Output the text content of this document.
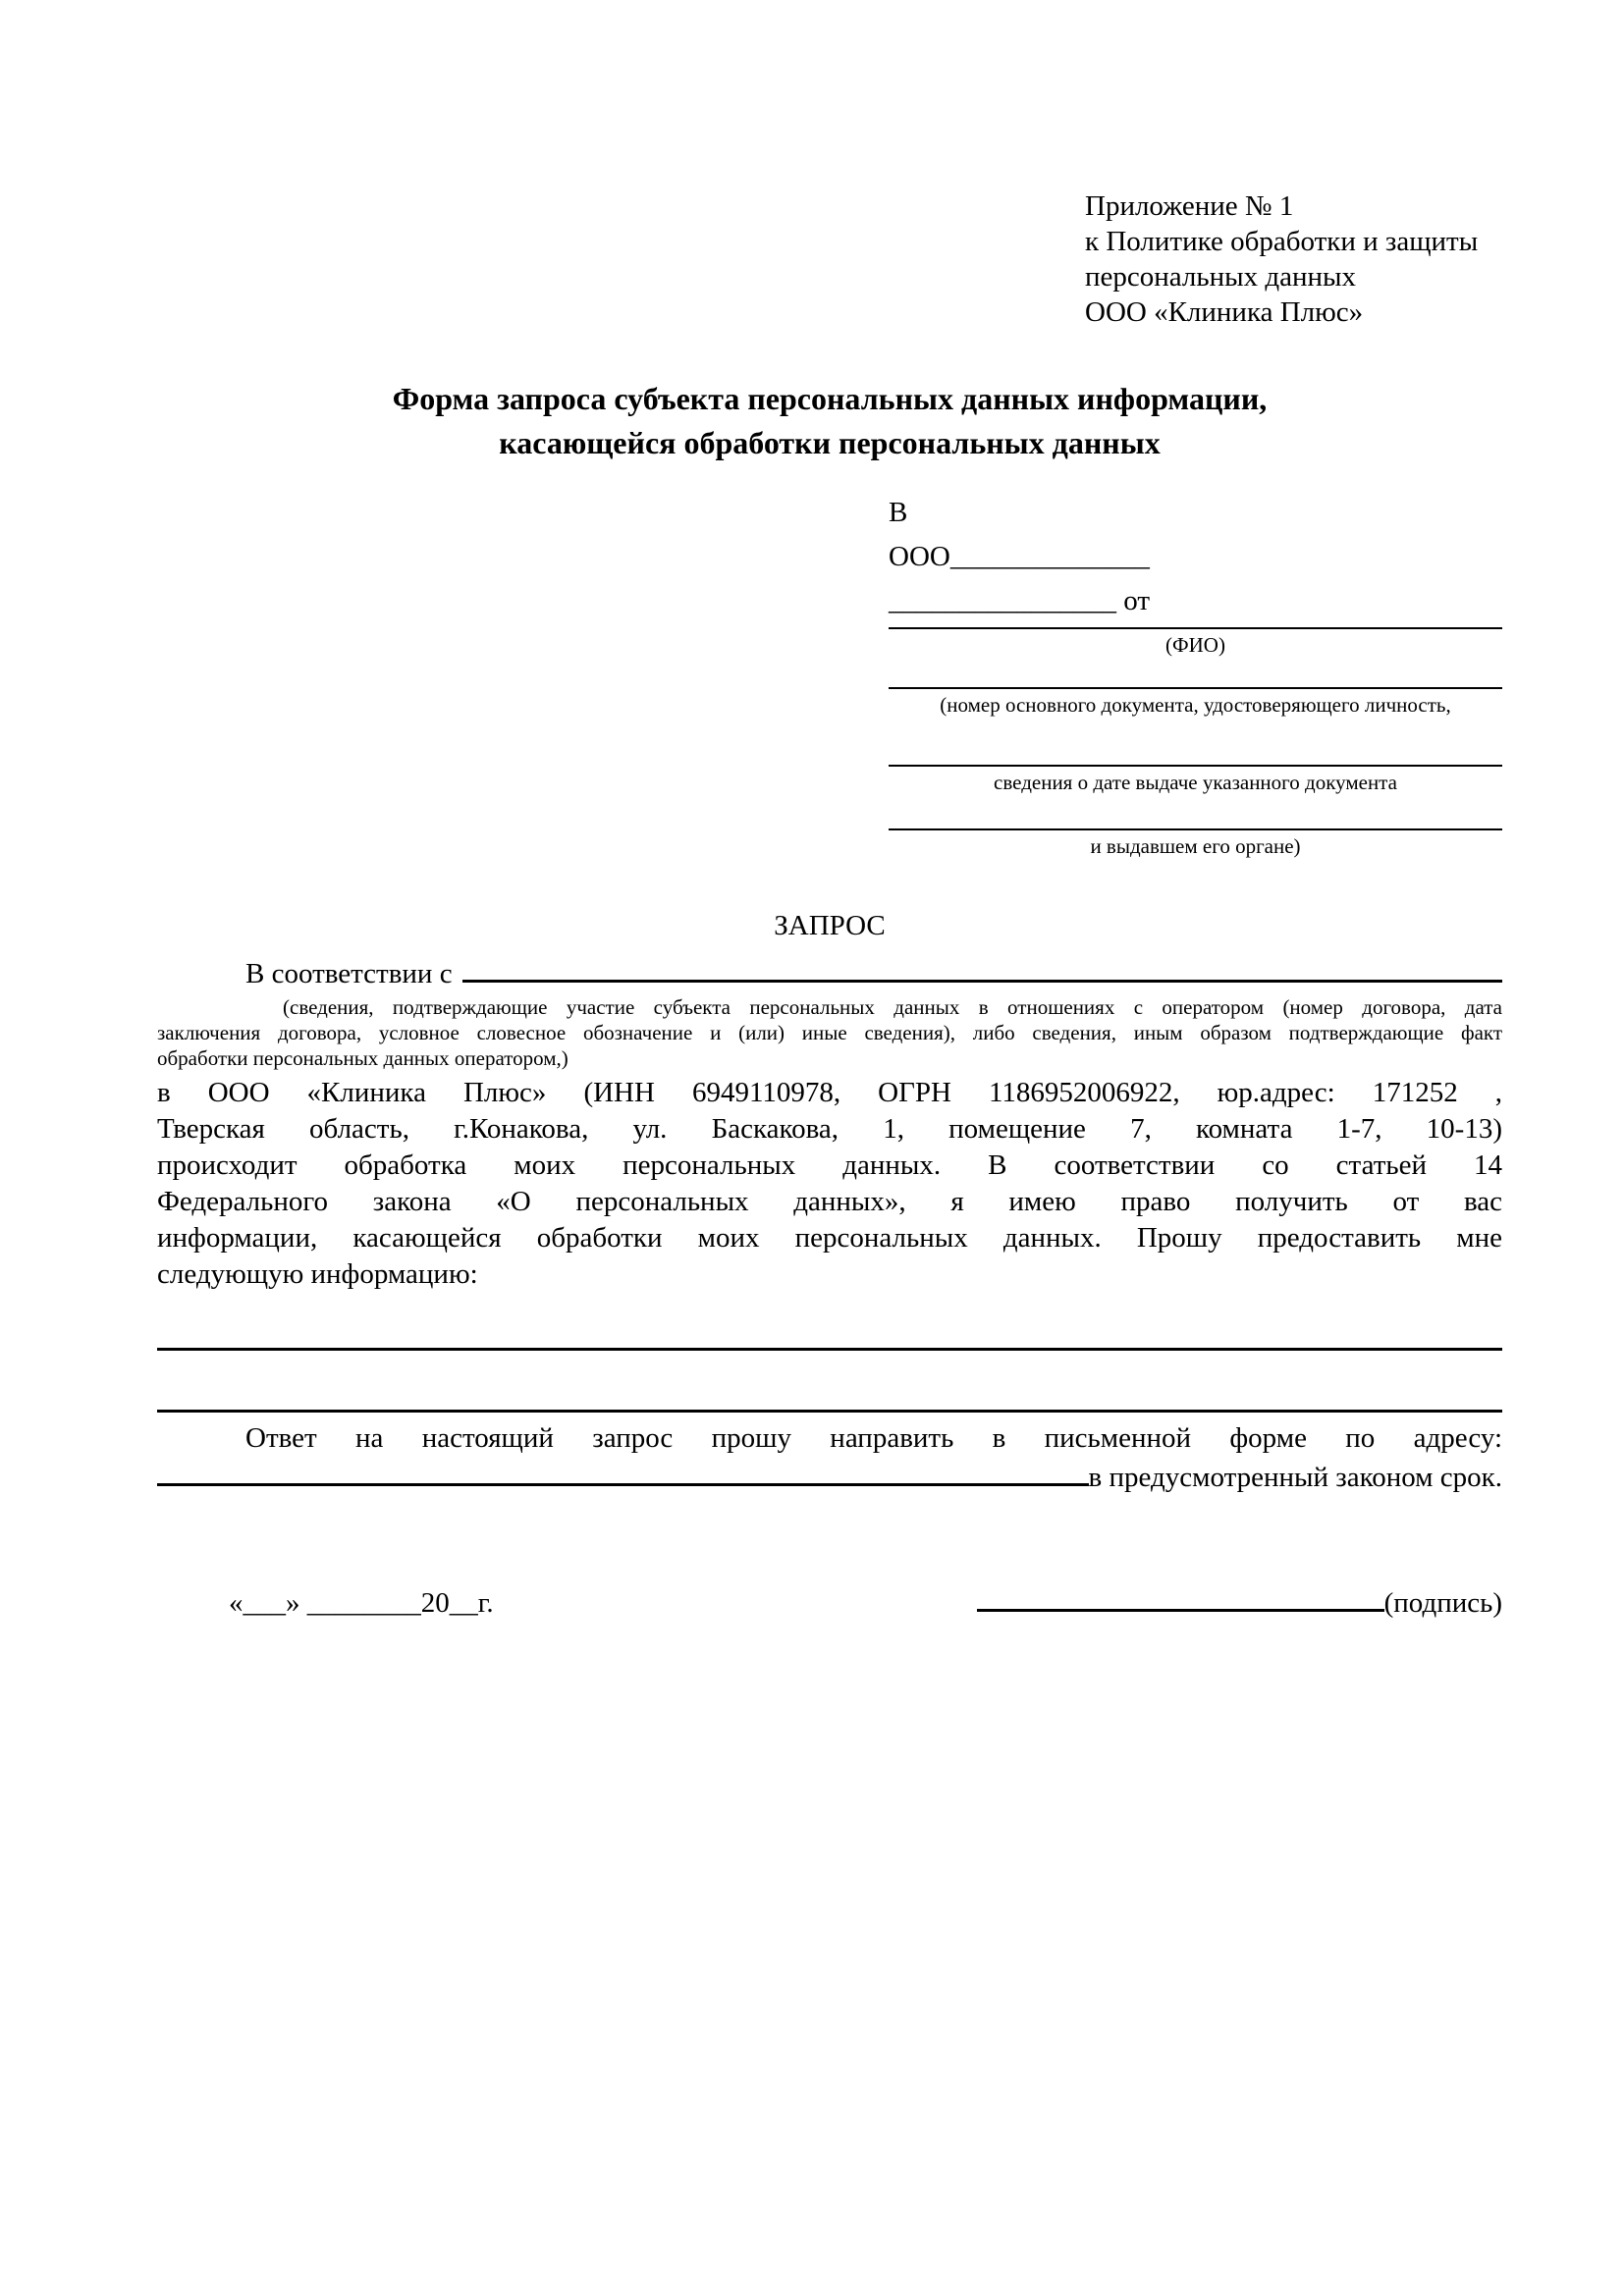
Приложение № 1
к Политике обработки и защиты
персональных данных
ООО «Клиника Плюс»
Форма запроса субъекта персональных данных информации,
касающейся обработки персональных данных
В
ООО______________
________________ от
(ФИО)
(номер основного документа, удостоверяющего личность,
сведения о дате выдаче указанного документа
и выдавшем его органе)
ЗАПРОС
В соответствии с
(сведения, подтверждающие участие субъекта персональных данных в отношениях с оператором (номер договора, дата
заключения договора, условное словесное обозначение и (или) иные сведения), либо сведения, иным образом подтверждающие факт
обработки персональных данных оператором,)
в ООО «Клиника Плюс» (ИНН 6949110978, ОГРН 1186952006922, юр.адрес: 171252 ,
Тверская область, г.Конакова, ул. Баскакова, 1, помещение 7, комната 1-7, 10-13)
происходит обработка моих персональных данных. В соответствии со статьей 14
Федерального закона «О персональных данных», я имею право получить от вас
информации, касающейся обработки моих персональных данных. Прошу предоставить мне
следующую информацию:
Ответ на настоящий запрос прошу направить в письменной форме по адресу:
в предусмотренный законом срок.
«___» ________20__г.	(подпись)
